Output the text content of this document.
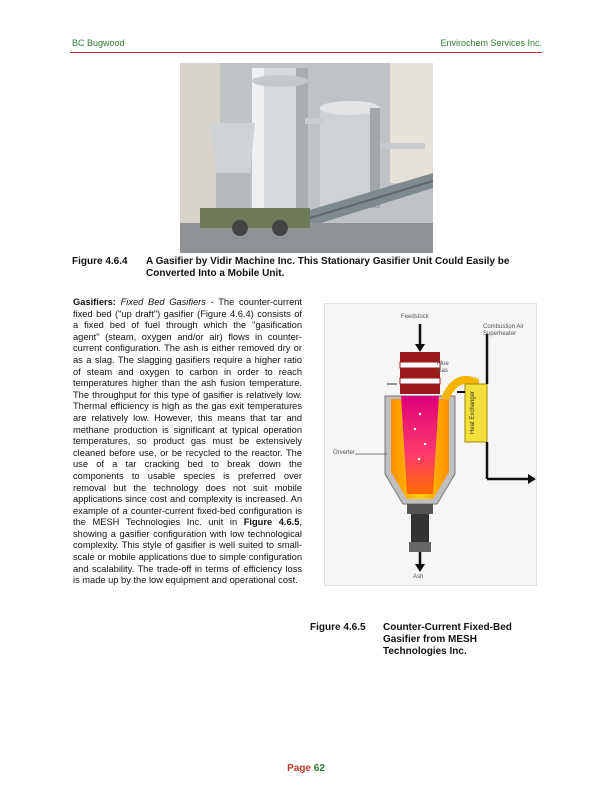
BC Bugwood	Envirochem Services Inc.
Figure 4.6.4 A Gasifier by Vidir Machine Inc. This Stationary Gasifier Unit Could Easily be Converted Into a Mobile Unit.

Gasifiers: Fixed Bed Gasifiers - The counter-current fixed bed ("up draft") gasifier (Figure 4.6.4) consists of a fixed bed of fuel through which the "gasification agent" (steam, oxygen and/or air) flows in counter-current configuration. The ash is either removed dry or as a slag. The slagging gasifiers require a higher ratio of steam and oxygen to carbon in order to reach temperatures higher than the ash fusion temperature. The throughput for this type of gasifier is relatively low. Thermal efficiency is high as the gas exit temperatures are relatively low. However, this means that tar and methane production is significant at typical operation temperatures, so product gas must be extensively cleaned before use, or be recycled to the reactor. The use of a tar cracking bed to break down the components to usable species is preferred over removal but the technology does not suit mobile applications since cost and complexity is increased. An example of a counter-current fixed-bed configuration is the MESH Technologies Inc. unit in Figure 4.6.5, showing a gasifier configuration with low technological complexity. This style of gasifier is well suited to small-scale or mobile applications due to simple configuration and scalability. The trade-off in terms of efficiency loss is made up by the low equipment and operational cost.

Feedstock
Combustion Air
Superheater
Flue
Gas
Heat Exchanger
Orverter
Ash
Figure 4.6.5 Counter-Current Fixed-Bed Gasifier from MESH Technologies Inc.
Page 62
